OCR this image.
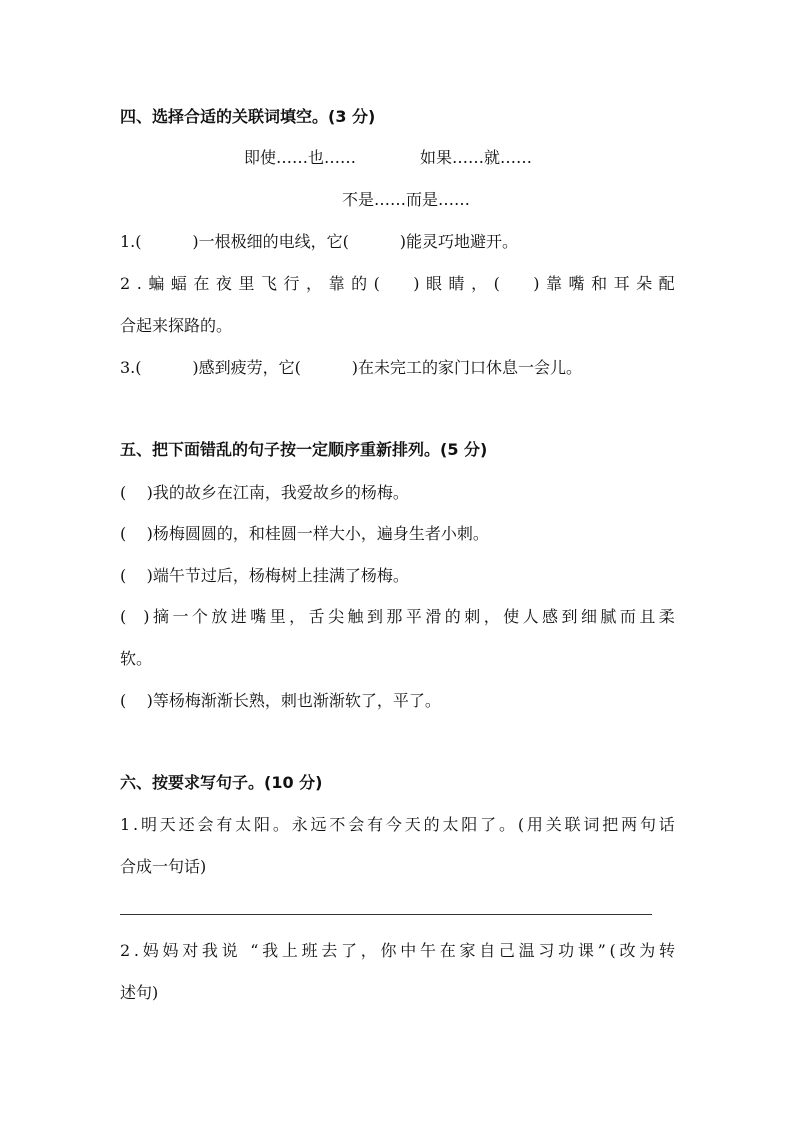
四、选择合适的关联词填空。(3 分)
即使……也……	如果……就……
不是……而是……
1.(          )一根极细的电线，它(          )能灵巧地避开。
2 . 蝙 蝠 在 夜 里 飞 行 ， 靠 的 (
) 眼 睛 ， (
) 靠 嘴 和 耳 朵 配
合起来探路的。
3.(          )感到疲劳，它(          )在未完工的家门口休息一会儿。
五、把下面错乱的句子按一定顺序重新排列。(5 分)
(    )我的故乡在江南，我爱故乡的杨梅。
(    )杨梅圆圆的，和桂圆一样大小，遍身生者小刺。
(    )端午节过后，杨梅树上挂满了杨梅。
(
) 摘 一 个 放 进 嘴 里 ， 舌 尖 触 到 那 平 滑 的 刺 ， 使 人 感 到 细 腻 而 且 柔
软。
(    )等杨梅渐渐长熟，刺也渐渐软了，平了。
六、按要求写句子。(10 分)
1 . 明 天 还 会 有 太 阳 。 永 远 不 会 有 今 天 的 太 阳 了 。 ( 用 关 联 词 把 两 句 话
合成一句话)
2 . 妈 妈 对 我 说
“ 我 上 班 去 了 ， 你 中 午 在 家 自 己 温 习 功 课 ” ( 改 为 转
述句)
